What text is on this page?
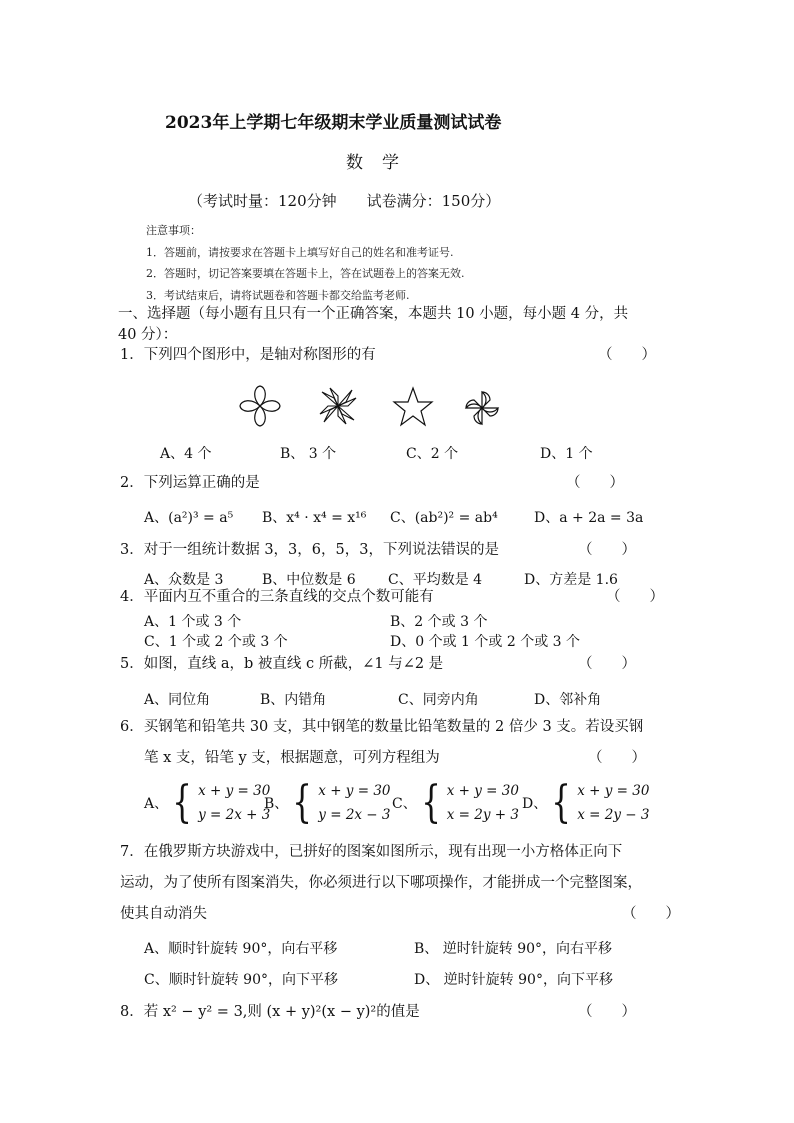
2023年上学期七年级期末学业质量测试试卷
数　学
（考试时量：120分钟　　试卷满分：150分）
注意事项：
1．答题前，请按要求在答题卡上填写好自己的姓名和准考证号.
2．答题时，切记答案要填在答题卡上，答在试题卷上的答案无效.
3．考试结束后，请将试题卷和答题卡都交给监考老师.
一、选择题（每小题有且只有一个正确答案，本题共 10 小题，每小题 4 分，共
40 分）：
1．下列四个图形中，是轴对称图形的有	（　　）
A、4 个	B、 3 个	C、2 个	D、1 个
2．下列运算正确的是	（　　）
A、(a²)³ = a⁵ B、x⁴ · x⁴ = x¹⁶ C、(ab²)² = ab⁴	D、a + 2a = 3a
3．对于一组统计数据 3，3，6，5，3，下列说法错误的是	（　　）
A、众数是 3	B、中位数是 6 C、平均数是 4	D、方差是 1.6
4．平面内互不重合的三条直线的交点个数可能有	（　　）
A、1 个或 3 个	B、2 个或 3 个
C、1 个或 2 个或 3 个	D、0 个或 1 个或 2 个或 3 个
5．如图，直线 a，b 被直线 c 所截，∠1 与∠2 是	（　　）
A、同位角	B、内错角	C、同旁内角	D、邻补角
6．买钢笔和铅笔共 30 支，其中钢笔的数量比铅笔数量的 2 倍少 3 支。若设买钢
笔 x 支，铅笔 y 支，根据题意，可列方程组为	（　　）
A、 { x + y = 30
y = 2x + 3
B、 { x + y = 30
y = 2x − 3
C、 { x + y = 30
x = 2y + 3
D、 { x + y = 30
x = 2y − 3
7．在俄罗斯方块游戏中，已拼好的图案如图所示，现有出现一小方格体正向下
运动，为了使所有图案消失，你必须进行以下哪项操作，才能拼成一个完整图案，
使其自动消失	（　　）
A、顺时针旋转 90°，向右平移	B、 逆时针旋转 90°，向右平移
C、顺时针旋转 90°，向下平移	D、 逆时针旋转 90°，向下平移
8．若 x² − y² = 3,则 (x + y)²(x − y)²的值是	（　　）
